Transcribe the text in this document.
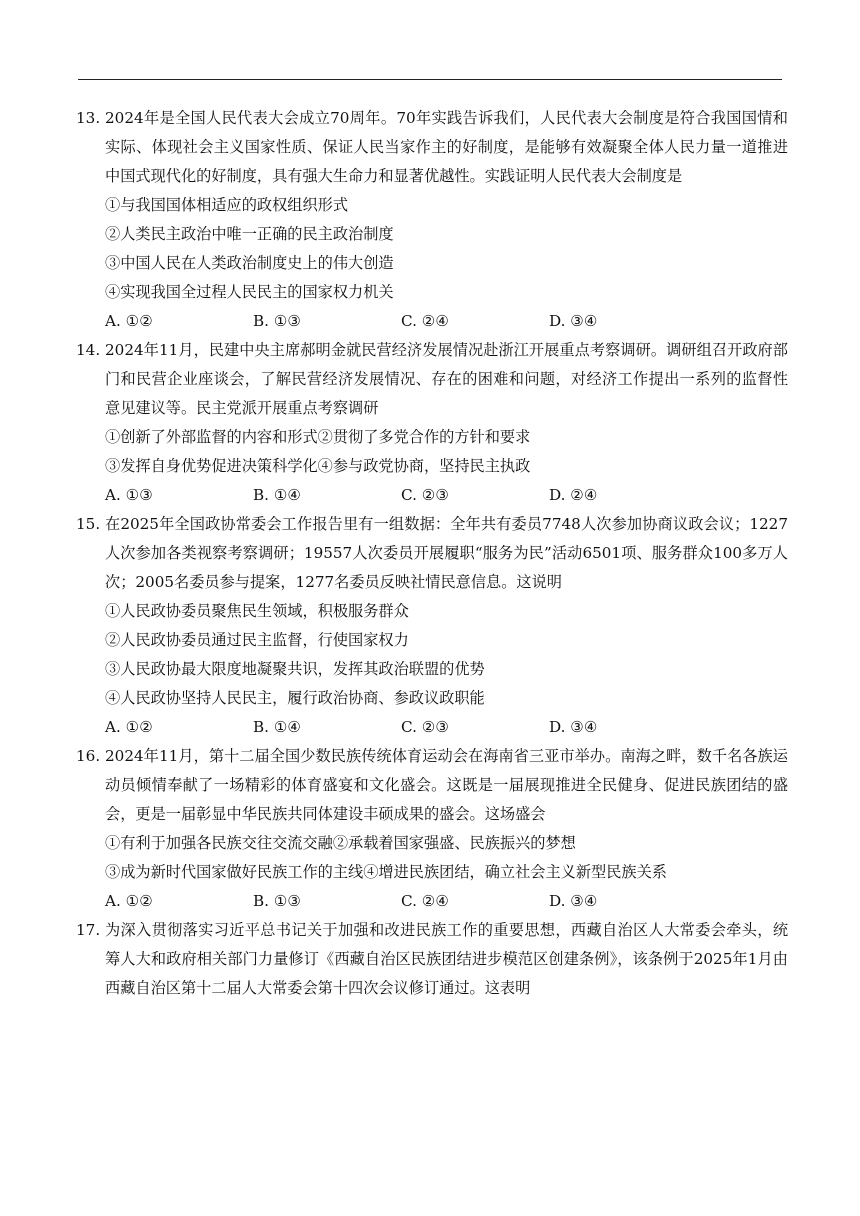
13. 2024年是全国人民代表大会成立70周年。70年实践告诉我们，人民代表大会制度是符合我国国情和实际、体现社会主义国家性质、保证人民当家作主的好制度，是能够有效凝聚全体人民力量一道推进中国式现代化的好制度，具有强大生命力和显著优越性。实践证明人民代表大会制度是
①与我国国体相适应的政权组织形式
②人类民主政治中唯一正确的民主政治制度
③中国人民在人类政治制度史上的伟大创造
④实现我国全过程人民民主的国家权力机关
A. ①②	B. ①③	C. ②④	D. ③④
14. 2024年11月，民建中央主席郝明金就民营经济发展情况赴浙江开展重点考察调研。调研组召开政府部门和民营企业座谈会，了解民营经济发展情况、存在的困难和问题，对经济工作提出一系列的监督性意见建议等。民主党派开展重点考察调研
①创新了外部监督的内容和形式②贯彻了多党合作的方针和要求
③发挥自身优势促进决策科学化④参与政党协商，坚持民主执政
A. ①③	B. ①④	C. ②③	D. ②④
15. 在2025年全国政协常委会工作报告里有一组数据：全年共有委员7748人次参加协商议政会议；1227人次参加各类视察考察调研；19557人次委员开展履职“服务为民”活动6501项、服务群众100多万人次；2005名委员参与提案，1277名委员反映社情民意信息。这说明
①人民政协委员聚焦民生领域，积极服务群众
②人民政协委员通过民主监督，行使国家权力
③人民政协最大限度地凝聚共识，发挥其政治联盟的优势
④人民政协坚持人民民主，履行政治协商、参政议政职能
A. ①②	B. ①④	C. ②③	D. ③④
16. 2024年11月，第十二届全国少数民族传统体育运动会在海南省三亚市举办。南海之畔，数千名各族运动员倾情奉献了一场精彩的体育盛宴和文化盛会。这既是一届展现推进全民健身、促进民族团结的盛会，更是一届彰显中华民族共同体建设丰硕成果的盛会。这场盛会
①有利于加强各民族交往交流交融②承载着国家强盛、民族振兴的梦想
③成为新时代国家做好民族工作的主线④增进民族团结，确立社会主义新型民族关系
A. ①②	B. ①③	C. ②④	D. ③④
17. 为深入贯彻落实习近平总书记关于加强和改进民族工作的重要思想，西藏自治区人大常委会牵头，统筹人大和政府相关部门力量修订《西藏自治区民族团结进步模范区创建条例》，该条例于2025年1月由西藏自治区第十二届人大常委会第十四次会议修订通过。这表明
